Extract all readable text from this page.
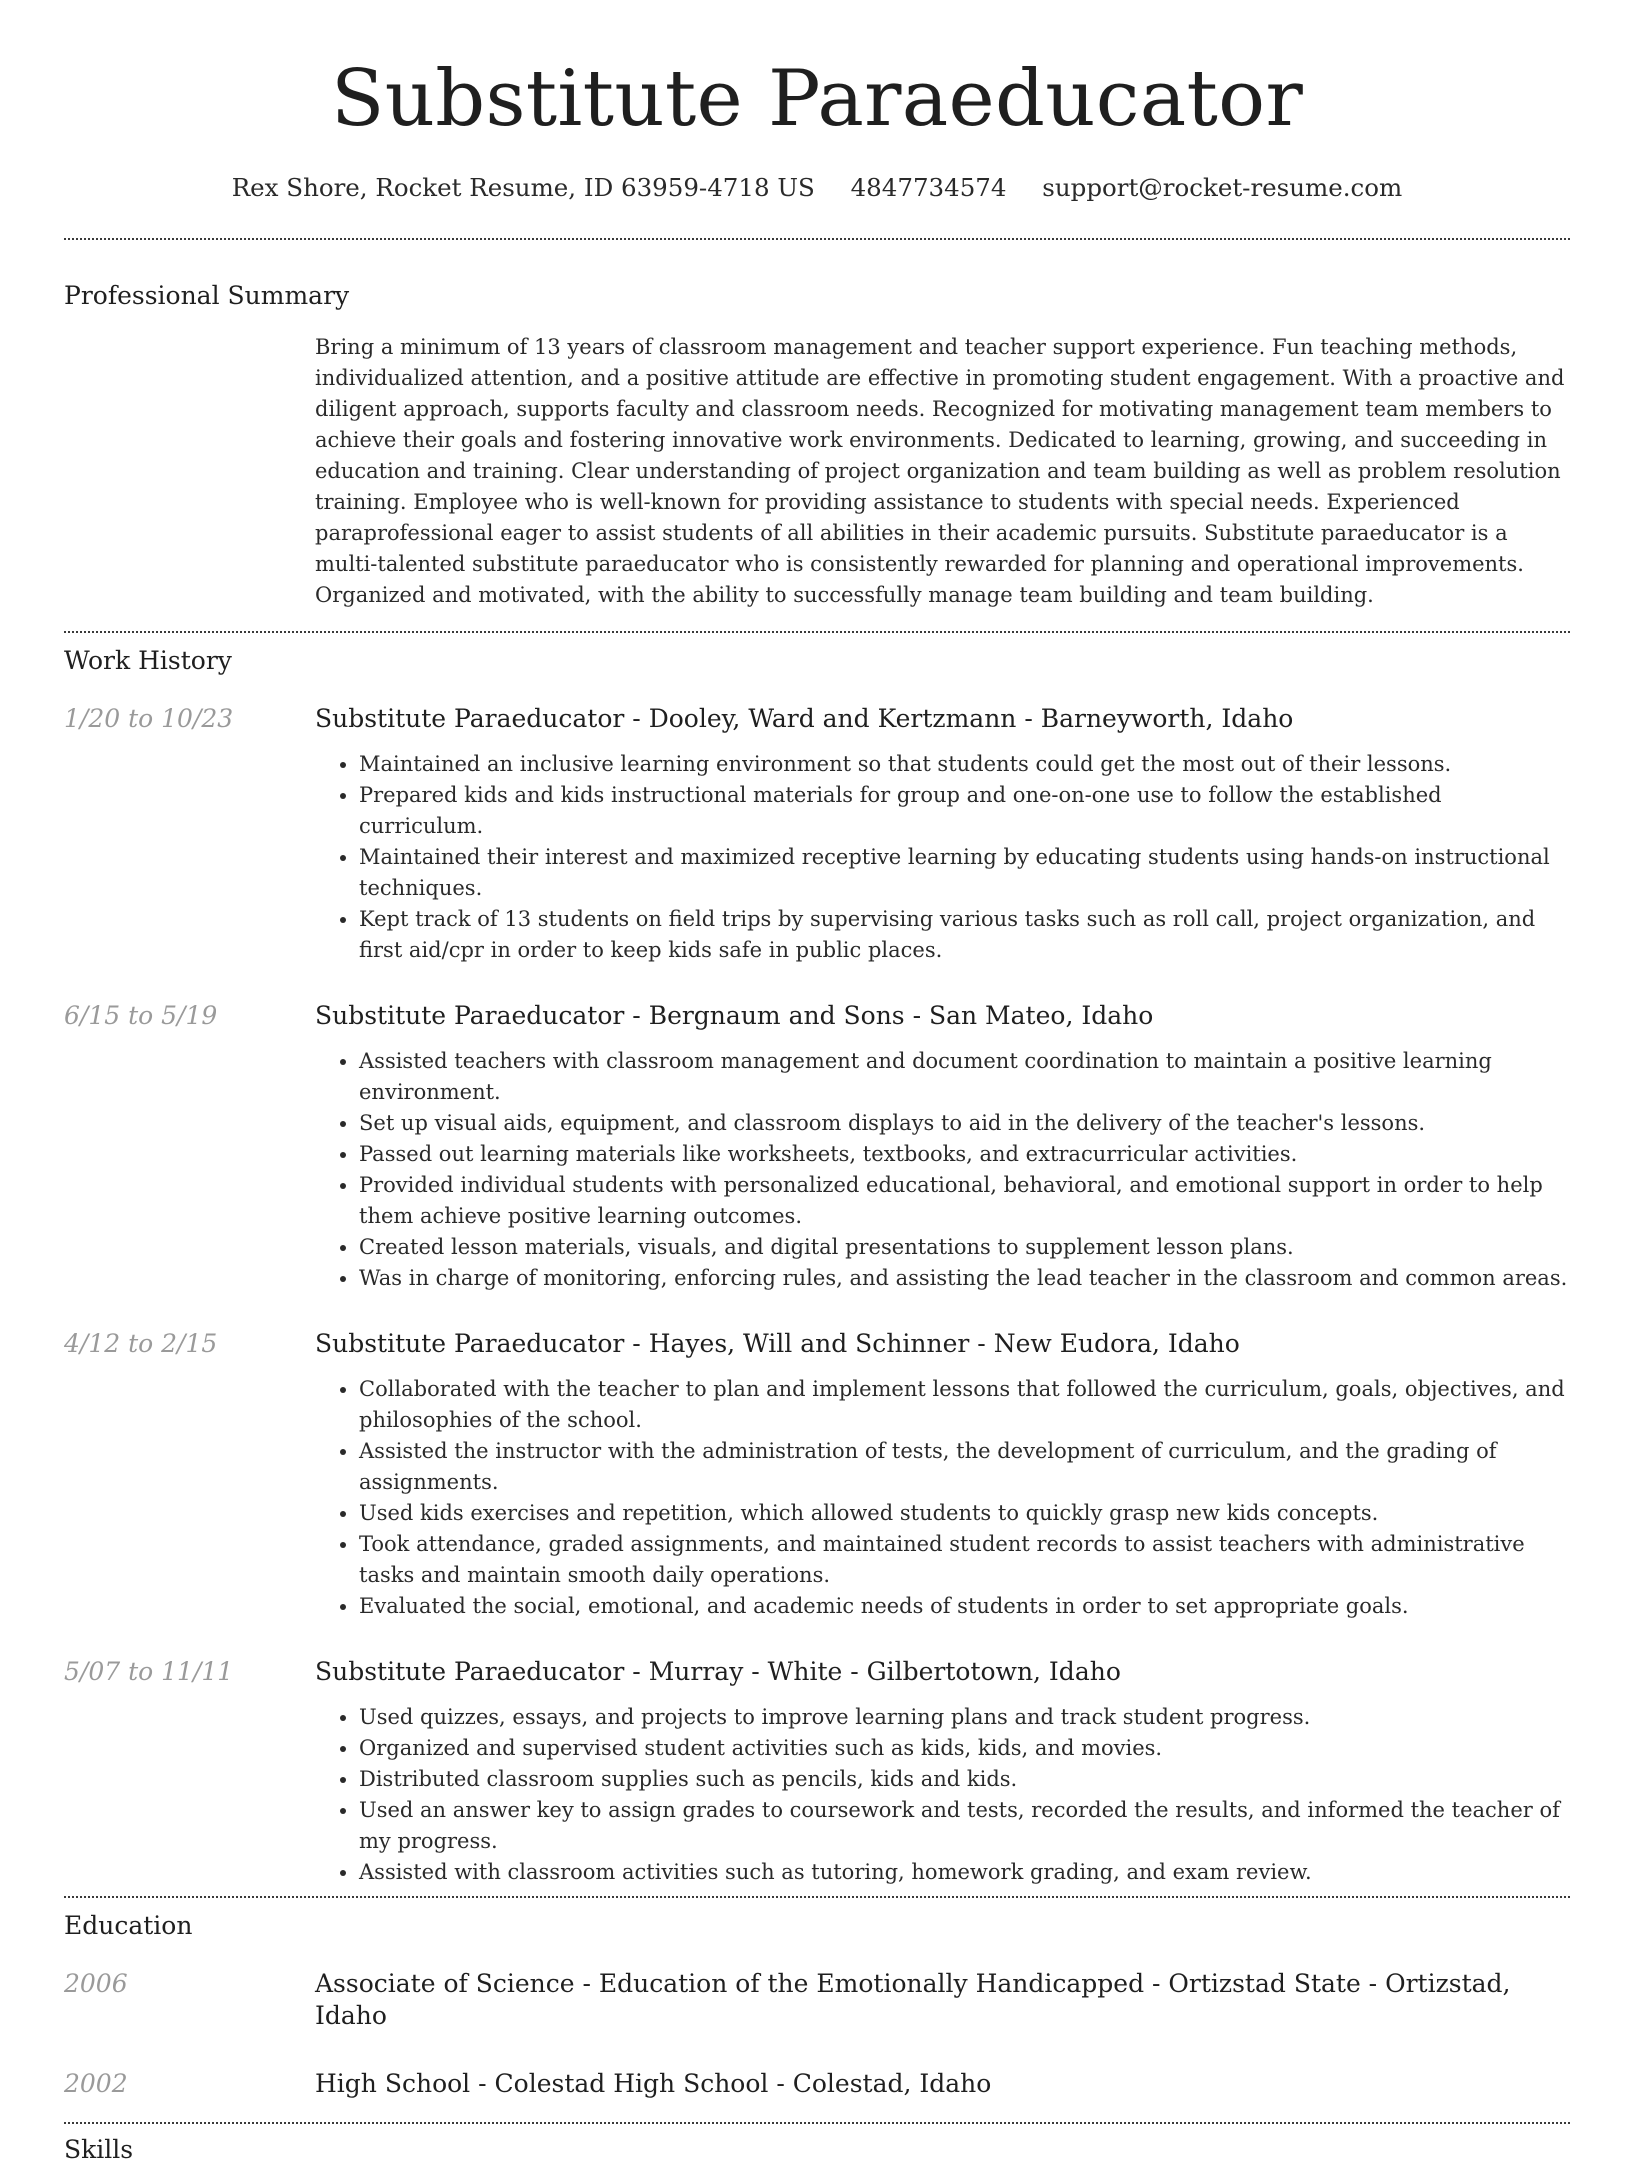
Substitute Paraeducator
Rex Shore, Rocket Resume, ID 63959-4718 US 4847734574 support@rocket-resume.com
Professional Summary
Bring a minimum of 13 years of classroom management and teacher support experience. Fun teaching methods, individualized attention, and a positive attitude are effective in promoting student engagement. With a proactive and diligent approach, supports faculty and classroom needs. Recognized for motivating management team members to achieve their goals and fostering innovative work environments. Dedicated to learning, growing, and succeeding in education and training. Clear understanding of project organization and team building as well as problem resolution training. Employee who is well-known for providing assistance to students with special needs. Experienced paraprofessional eager to assist students of all abilities in their academic pursuits. Substitute paraeducator is a multi-talented substitute paraeducator who is consistently rewarded for planning and operational improvements. Organized and motivated, with the ability to successfully manage team building and team building.
Work History
1/20 to 10/23	Substitute Paraeducator - Dooley, Ward and Kertzmann - Barneyworth, Idaho
• Maintained an inclusive learning environment so that students could get the most out of their lessons.
• Prepared kids and kids instructional materials for group and one-on-one use to follow the established curriculum.
• Maintained their interest and maximized receptive learning by educating students using hands-on instructional techniques.
• Kept track of 13 students on field trips by supervising various tasks such as roll call, project organization, and first aid/cpr in order to keep kids safe in public places.
6/15 to 5/19	Substitute Paraeducator - Bergnaum and Sons - San Mateo, Idaho
• Assisted teachers with classroom management and document coordination to maintain a positive learning environment.
• Set up visual aids, equipment, and classroom displays to aid in the delivery of the teacher's lessons.
• Passed out learning materials like worksheets, textbooks, and extracurricular activities.
• Provided individual students with personalized educational, behavioral, and emotional support in order to help them achieve positive learning outcomes.
• Created lesson materials, visuals, and digital presentations to supplement lesson plans.
• Was in charge of monitoring, enforcing rules, and assisting the lead teacher in the classroom and common areas.
4/12 to 2/15	Substitute Paraeducator - Hayes, Will and Schinner - New Eudora, Idaho
• Collaborated with the teacher to plan and implement lessons that followed the curriculum, goals, objectives, and philosophies of the school.
• Assisted the instructor with the administration of tests, the development of curriculum, and the grading of assignments.
• Used kids exercises and repetition, which allowed students to quickly grasp new kids concepts.
• Took attendance, graded assignments, and maintained student records to assist teachers with administrative tasks and maintain smooth daily operations.
• Evaluated the social, emotional, and academic needs of students in order to set appropriate goals.
5/07 to 11/11	Substitute Paraeducator - Murray - White - Gilbertotown, Idaho
• Used quizzes, essays, and projects to improve learning plans and track student progress.
• Organized and supervised student activities such as kids, kids, and movies.
• Distributed classroom supplies such as pencils, kids and kids.
• Used an answer key to assign grades to coursework and tests, recorded the results, and informed the teacher of my progress.
• Assisted with classroom activities such as tutoring, homework grading, and exam review.
Education
2006	Associate of Science - Education of the Emotionally Handicapped - Ortizstad State - Ortizstad, Idaho
2002	High School - Colestad High School - Colestad, Idaho
Skills
